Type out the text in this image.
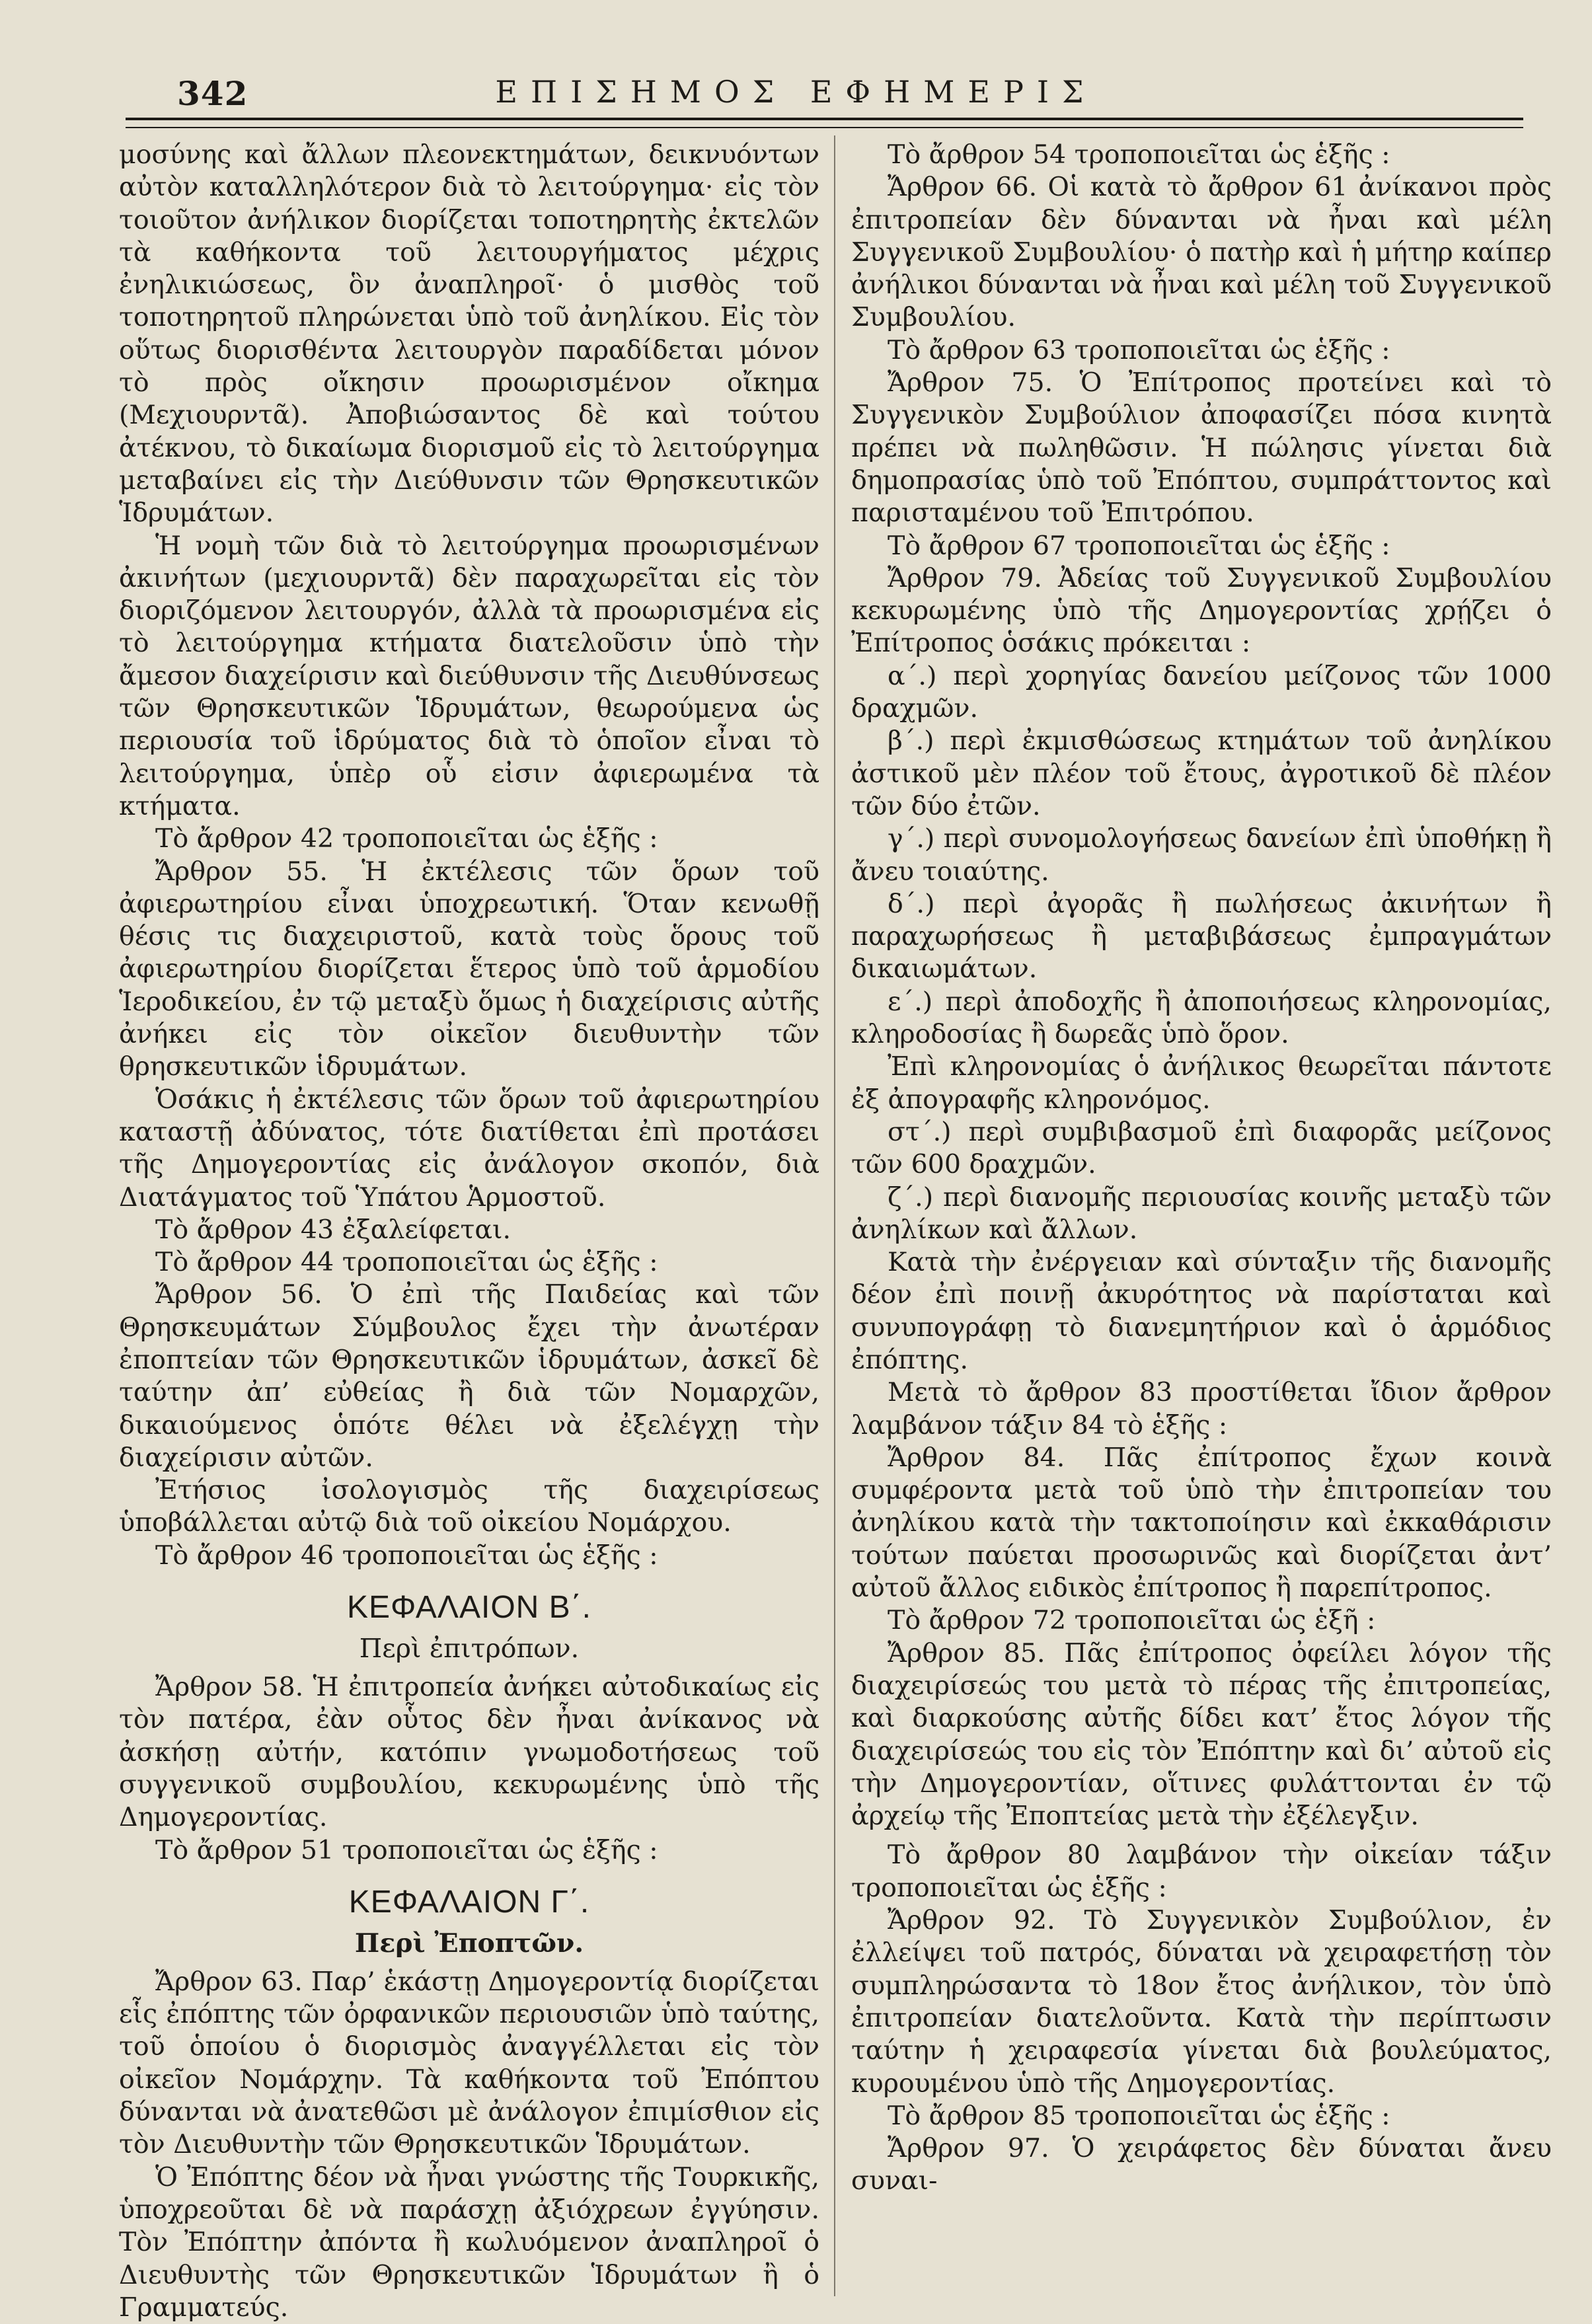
342	ΕΠΙΣΗΜΟΣ ΕΦΗΜΕΡΙΣ

μοσύνης καὶ ἄλλων πλεονεκτημάτων, δεικνυόντων αὐτὸν καταλληλότερον διὰ τὸ λειτούργημα· εἰς τὸν τοιοῦτον ἀνήλικον διορίζεται τοποτηρητὴς ἐκτελῶν τὰ καθήκοντα τοῦ λειτουργήματος μέχρις ἐνηλικιώσεως, ὃν ἀναπληροῖ· ὁ μισθὸς τοῦ τοποτηρητοῦ πληρώνεται ὑπὸ τοῦ ἀνηλίκου. Εἰς τὸν οὕτως διορισθέντα λειτουργὸν παραδίδεται μόνον τὸ πρὸς οἴκησιν προωρισμένον οἴκημα (Μεχιουρντᾶ). Ἀποβιώσαντος δὲ καὶ τούτου ἀτέκνου, τὸ δικαίωμα διορισμοῦ εἰς τὸ λειτούργημα μεταβαίνει εἰς τὴν Διεύθυνσιν τῶν Θρησκευτικῶν Ἱδρυμάτων.

Ἡ νομὴ τῶν διὰ τὸ λειτούργημα προωρισμένων ἀκινήτων (μεχιουρντᾶ) δὲν παραχωρεῖται εἰς τὸν διοριζόμενον λειτουργόν, ἀλλὰ τὰ προωρισμένα εἰς τὸ λειτούργημα κτήματα διατελοῦσιν ὑπὸ τὴν ἄμεσον διαχείρισιν καὶ διεύθυνσιν τῆς Διευθύνσεως τῶν Θρησκευτικῶν Ἱδρυμάτων, θεωρούμενα ὡς περιουσία τοῦ ἱδρύματος διὰ τὸ ὁποῖον εἶναι τὸ λειτούργημα, ὑπὲρ οὗ εἰσιν ἀφιερωμένα τὰ κτήματα.

Τὸ ἄρθρον 42 τροποποιεῖται ὡς ἑξῆς :

Ἄρθρον 55. Ἡ ἐκτέλεσις τῶν ὅρων τοῦ ἀφιερωτηρίου εἶναι ὑποχρεωτική. Ὅταν κενωθῇ θέσις τις διαχειριστοῦ, κατὰ τοὺς ὅρους τοῦ ἀφιερωτηρίου διορίζεται ἕτερος ὑπὸ τοῦ ἁρμοδίου Ἱεροδικείου, ἐν τῷ μεταξὺ ὅμως ἡ διαχείρισις αὐτῆς ἀνήκει εἰς τὸν οἰκεῖον διευθυντὴν τῶν θρησκευτικῶν ἱδρυμάτων.

Ὁσάκις ἡ ἐκτέλεσις τῶν ὅρων τοῦ ἀφιερωτηρίου καταστῇ ἀδύνατος, τότε διατίθεται ἐπὶ προτάσει τῆς Δημογεροντίας εἰς ἀνάλογον σκοπόν, διὰ Διατάγματος τοῦ Ὑπάτου Ἁρμοστοῦ.

Τὸ ἄρθρον 43 ἐξαλείφεται.

Τὸ ἄρθρον 44 τροποποιεῖται ὡς ἑξῆς :

Ἄρθρον 56. Ὁ ἐπὶ τῆς Παιδείας καὶ τῶν Θρησκευμάτων Σύμβουλος ἔχει τὴν ἀνωτέραν ἐποπτείαν τῶν Θρησκευτικῶν ἱδρυμάτων, ἀσκεῖ δὲ ταύτην ἀπ’ εὐθείας ἢ διὰ τῶν Νομαρχῶν, δικαιούμενος ὁπότε θέλει νὰ ἐξελέγχῃ τὴν διαχείρισιν αὐτῶν.

Ἐτήσιος ἰσολογισμὸς τῆς διαχειρίσεως ὑποβάλλεται αὐτῷ διὰ τοῦ οἰκείου Νομάρχου.

Τὸ ἄρθρον 46 τροποποιεῖται ὡς ἑξῆς :

ΚΕΦΑΛΑΙΟΝ Β΄.
Περὶ ἐπιτρόπων.

Ἄρθρον 58. Ἡ ἐπιτροπεία ἀνήκει αὐτοδικαίως εἰς τὸν πατέρα, ἐὰν οὗτος δὲν ἦναι ἀνίκανος νὰ ἀσκήσῃ αὐτήν, κατόπιν γνωμοδοτήσεως τοῦ συγγενικοῦ συμβουλίου, κεκυρωμένης ὑπὸ τῆς Δημογεροντίας.

Τὸ ἄρθρον 51 τροποποιεῖται ὡς ἑξῆς :

ΚΕΦΑΛΑΙΟΝ Γ΄.
Περὶ Ἐποπτῶν.

Ἄρθρον 63. Παρ’ ἑκάστῃ Δημογεροντίᾳ διορίζεται εἷς ἐπόπτης τῶν ὀρφανικῶν περιουσιῶν ὑπὸ ταύτης, τοῦ ὁποίου ὁ διορισμὸς ἀναγγέλλεται εἰς τὸν οἰκεῖον Νομάρχην. Τὰ καθήκοντα τοῦ Ἐπόπτου δύνανται νὰ ἀνατεθῶσι μὲ ἀνάλογον ἐπιμίσθιον εἰς τὸν Διευθυντὴν τῶν Θρησκευτικῶν Ἱδρυμάτων.

Ὁ Ἐπόπτης δέον νὰ ἦναι γνώστης τῆς Τουρκικῆς, ὑποχρεοῦται δὲ νὰ παράσχῃ ἀξιόχρεων ἐγγύησιν. Τὸν Ἐπόπτην ἀπόντα ἢ κωλυόμενον ἀναπληροῖ ὁ Διευθυντὴς τῶν Θρησκευτικῶν Ἱδρυμάτων ἢ ὁ Γραμματεύς.

Τὸ ἄρθρον 54 τροποποιεῖται ὡς ἑξῆς :

Ἄρθρον 66. Οἱ κατὰ τὸ ἄρθρον 61 ἀνίκανοι πρὸς ἐπιτροπείαν δὲν δύνανται νὰ ἦναι καὶ μέλη Συγγενικοῦ Συμβουλίου· ὁ πατὴρ καὶ ἡ μήτηρ καίπερ ἀνήλικοι δύνανται νὰ ἦναι καὶ μέλη τοῦ Συγγενικοῦ Συμβουλίου.

Τὸ ἄρθρον 63 τροποποιεῖται ὡς ἑξῆς :

Ἄρθρον 75. Ὁ Ἐπίτροπος προτείνει καὶ τὸ Συγγενικὸν Συμβούλιον ἀποφασίζει πόσα κινητὰ πρέπει νὰ πωληθῶσιν. Ἡ πώλησις γίνεται διὰ δημοπρασίας ὑπὸ τοῦ Ἐπόπτου, συμπράττοντος καὶ παρισταμένου τοῦ Ἐπιτρόπου.

Τὸ ἄρθρον 67 τροποποιεῖται ὡς ἑξῆς :

Ἄρθρον 79. Ἀδείας τοῦ Συγγενικοῦ Συμβουλίου κεκυρωμένης ὑπὸ τῆς Δημογεροντίας χρῄζει ὁ Ἐπίτροπος ὁσάκις πρόκειται :

α΄.) περὶ χορηγίας δανείου μείζονος τῶν 1000 δραχμῶν.

β΄.) περὶ ἐκμισθώσεως κτημάτων τοῦ ἀνηλίκου ἀστικοῦ μὲν πλέον τοῦ ἔτους, ἀγροτικοῦ δὲ πλέον τῶν δύο ἐτῶν.

γ΄.) περὶ συνομολογήσεως δανείων ἐπὶ ὑποθήκῃ ἢ ἄνευ τοιαύτης.

δ΄.) περὶ ἀγορᾶς ἢ πωλήσεως ἀκινήτων ἢ παραχωρήσεως ἢ μεταβιβάσεως ἐμπραγμάτων δικαιωμάτων.

ε΄.) περὶ ἀποδοχῆς ἢ ἀποποιήσεως κληρονομίας, κληροδοσίας ἢ δωρεᾶς ὑπὸ ὅρον.

Ἐπὶ κληρονομίας ὁ ἀνήλικος θεωρεῖται πάντοτε ἐξ ἀπογραφῆς κληρονόμος.

στ΄.) περὶ συμβιβασμοῦ ἐπὶ διαφορᾶς μείζονος τῶν 600 δραχμῶν.

ζ΄.) περὶ διανομῆς περιουσίας κοινῆς μεταξὺ τῶν ἀνηλίκων καὶ ἄλλων.

Κατὰ τὴν ἐνέργειαν καὶ σύνταξιν τῆς διανομῆς δέον ἐπὶ ποινῇ ἀκυρότητος νὰ παρίσταται καὶ συνυπογράφῃ τὸ διανεμητήριον καὶ ὁ ἁρμόδιος ἐπόπτης.

Μετὰ τὸ ἄρθρον 83 προστίθεται ἴδιον ἄρθρον λαμβάνον τάξιν 84 τὸ ἑξῆς :

Ἄρθρον 84. Πᾶς ἐπίτροπος ἔχων κοινὰ συμφέροντα μετὰ τοῦ ὑπὸ τὴν ἐπιτροπείαν του ἀνηλίκου κατὰ τὴν τακτοποίησιν καὶ ἐκκαθάρισιν τούτων παύεται προσωρινῶς καὶ διορίζεται ἀντ’ αὐτοῦ ἄλλος ειδικὸς ἐπίτροπος ἢ παρεπίτροπος.

Τὸ ἄρθρον 72 τροποποιεῖται ὡς ἑξῆ :

Ἄρθρον 85. Πᾶς ἐπίτροπος ὀφείλει λόγον τῆς διαχειρίσεώς του μετὰ τὸ πέρας τῆς ἐπιτροπείας, καὶ διαρκούσης αὐτῆς δίδει κατ’ ἔτος λόγον τῆς διαχειρίσεώς του εἰς τὸν Ἐπόπτην καὶ δι’ αὐτοῦ εἰς τὴν Δημογεροντίαν, οἵτινες φυλάττονται ἐν τῷ ἀρχείῳ τῆς Ἐποπτείας μετὰ τὴν ἐξέλεγξιν.

Τὸ ἄρθρον 80 λαμβάνον τὴν οἰκείαν τάξιν τροποποιεῖται ὡς ἑξῆς :

Ἄρθρον 92. Τὸ Συγγενικὸν Συμβούλιον, ἐν ἐλλείψει τοῦ πατρός, δύναται νὰ χειραφετήσῃ τὸν συμπληρώσαντα τὸ 18ον ἔτος ἀνήλικον, τὸν ὑπὸ ἐπιτροπείαν διατελοῦντα. Κατὰ τὴν περίπτωσιν ταύτην ἡ χειραφεσία γίνεται διὰ βουλεύματος, κυρουμένου ὑπὸ τῆς Δημογεροντίας.

Τὸ ἄρθρον 85 τροποποιεῖται ὡς ἑξῆς :

Ἄρθρον 97. Ὁ χειράφετος δὲν δύναται ἄνευ συναι-
